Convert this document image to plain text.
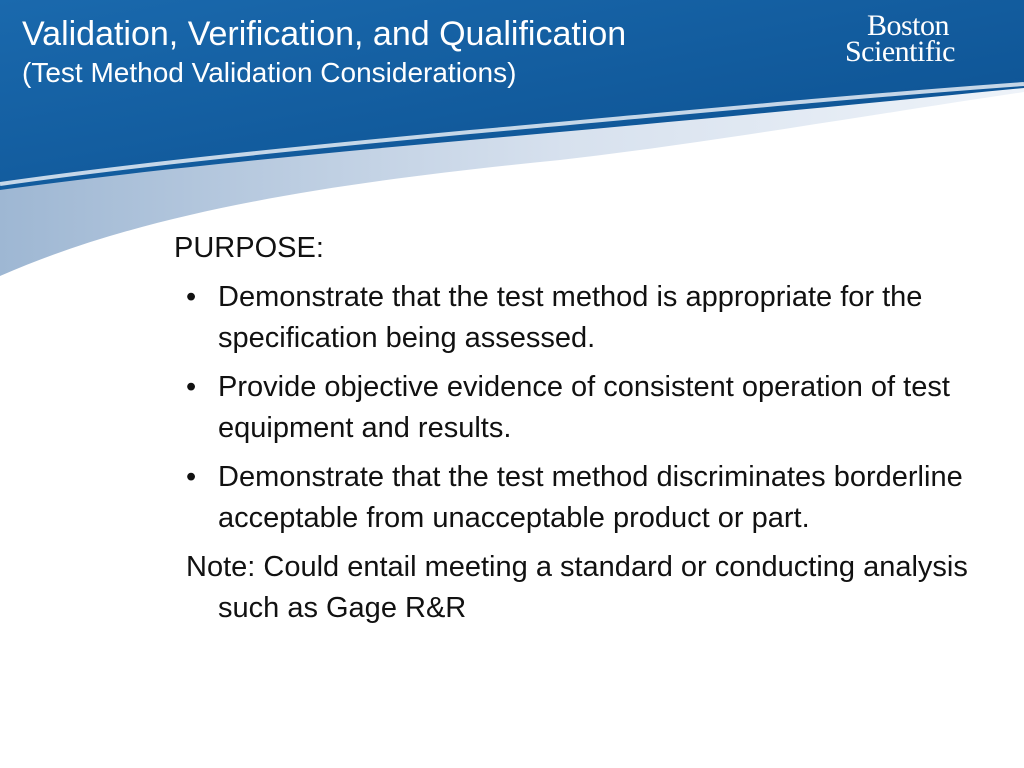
Validation, Verification, and Qualification
(Test Method Validation Considerations)
Boston
Scientific

PURPOSE:

• Demonstrate that the test method is appropriate for the specification being assessed.
• Provide objective evidence of consistent operation of test equipment and results.
• Demonstrate that the test method discriminates borderline acceptable from unacceptable product or part.

Note: Could entail meeting a standard or conducting analysis such as Gage R&R
